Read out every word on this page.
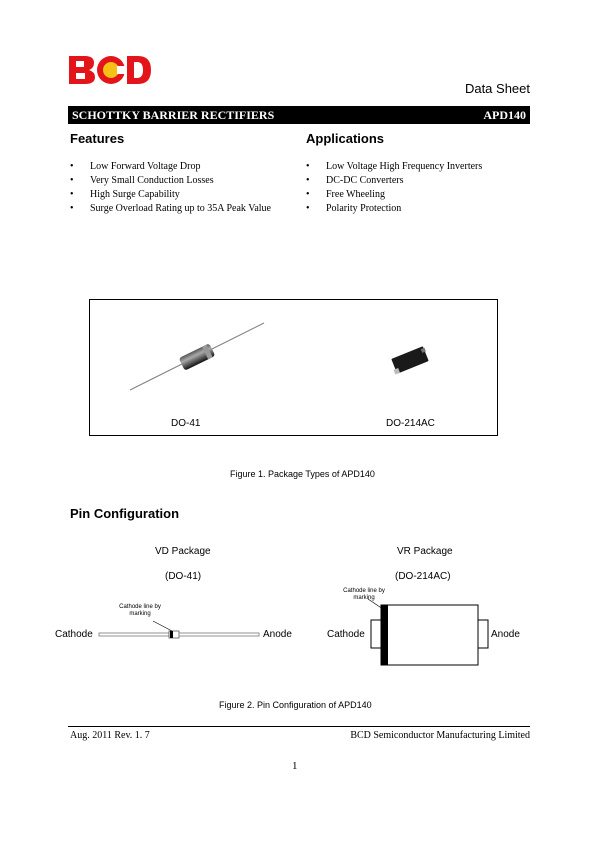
Data Sheet
SCHOTTKY BARRIER RECTIFIERS	APD140
Features
• Low Forward Voltage Drop
• Very Small Conduction Losses
• High Surge Capability
• Surge Overload Rating up to 35A Peak Value
Applications
• Low Voltage High Frequency Inverters
• DC-DC Converters
• Free Wheeling
• Polarity Protection
DO-41	DO-214AC
Figure 1. Package Types of APD140
Pin Configuration
VD Package
(DO-41)
VR Package
(DO-214AC)
Cathode line by
marking
Cathode	Anode
Cathode line by
marking
Cathode	Anode
Figure 2. Pin Configuration of APD140
Aug. 2011 Rev. 1. 7	BCD Semiconductor Manufacturing Limited
1
